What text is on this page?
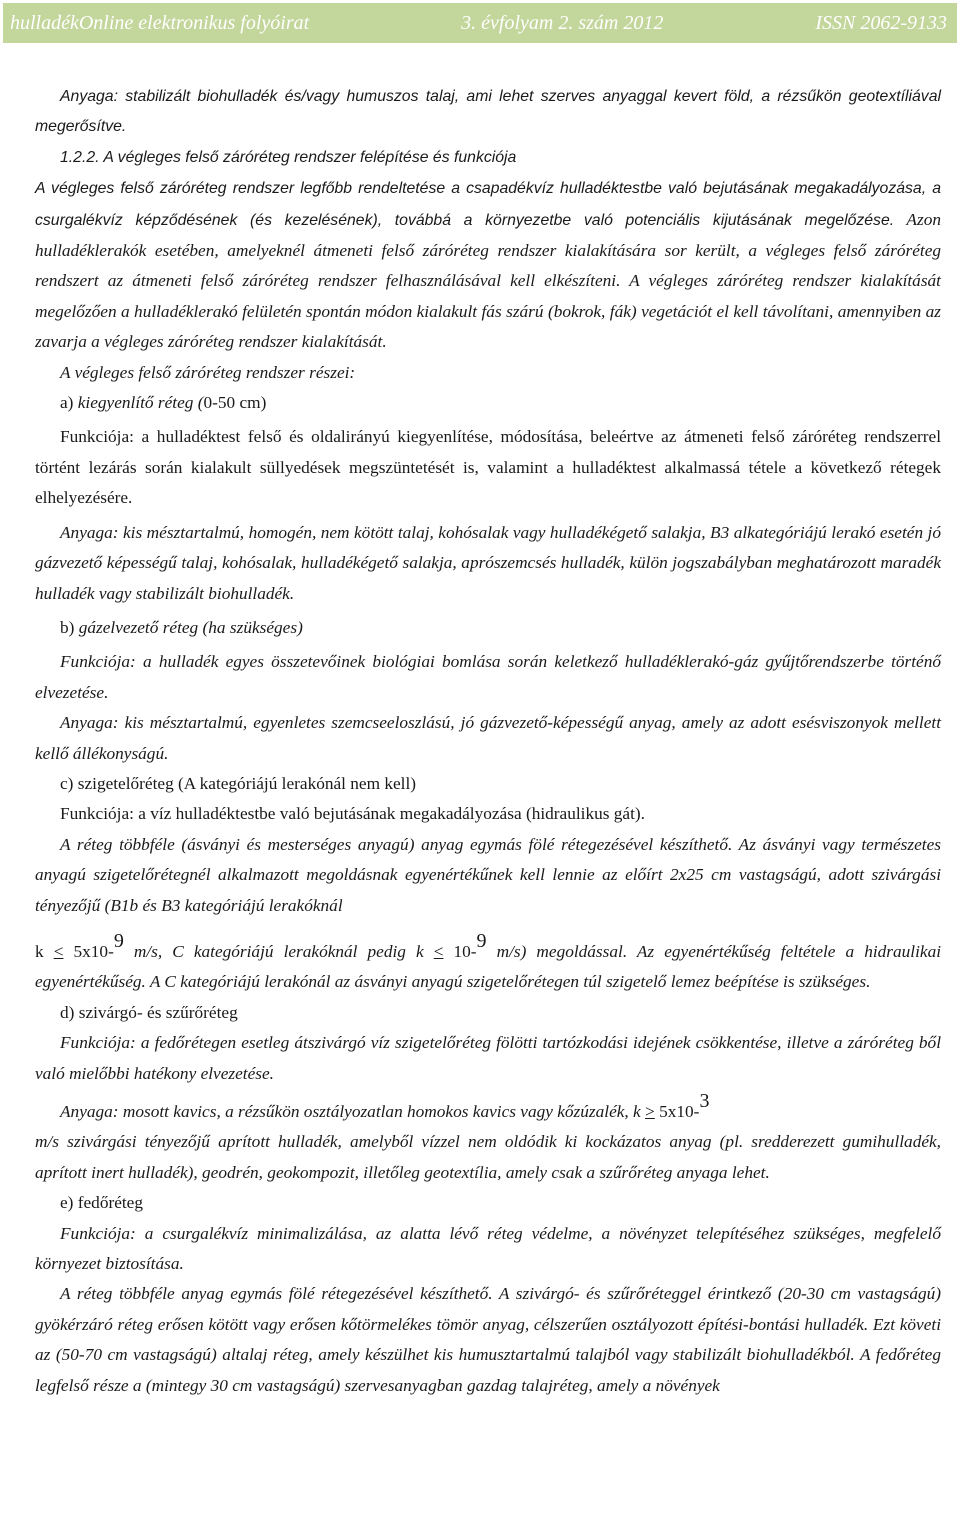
hulladékOnline elektronikus folyóirat	3. évfolyam 2. szám 2012	ISSN 2062-9133

Anyaga: stabilizált biohulladék és/vagy humuszos talaj, ami lehet szerves anyaggal kevert föld, a rézsűkön geotextíliával megerősítve.

1.2.2. A végleges felső záróréteg rendszer felépítése és funkciója

A végleges felső záróréteg rendszer legfőbb rendeltetése a csapadékvíz hulladéktestbe való bejutásának megakadályozása, a csurgalékvíz képződésének (és kezelésének), továbbá a környezetbe való potenciális kijutásának megelőzése. Azon hulladéklerakók esetében, amelyeknél átmeneti felső záróréteg rendszer kialakítására sor került, a végleges felső záróréteg rendszert az átmeneti felső záróréteg rendszer felhasználásával kell elkészíteni. A végleges záróréteg rendszer kialakítását megelőzően a hulladéklerakó felületén spontán módon kialakult fás szárú (bokrok, fák) vegetációt el kell távolítani, amennyiben az zavarja a végleges záróréteg rendszer kialakítását.

A végleges felső záróréteg rendszer részei:

a) kiegyenlítő réteg (0-50 cm)

Funkciója: a hulladéktest felső és oldalirányú kiegyenlítése, módosítása, beleértve az átmeneti felső záróréteg rendszerrel történt lezárás során kialakult süllyedések megszüntetését is, valamint a hulladéktest alkalmassá tétele a következő rétegek elhelyezésére.

Anyaga: kis mésztartalmú, homogén, nem kötött talaj, kohósalak vagy hulladékégető salakja, B3 alkategóriájú lerakó esetén jó gázvezető képességű talaj, kohósalak, hulladékégető salakja, aprószemcsés hulladék, külön jogszabályban meghatározott maradék hulladék vagy stabilizált biohulladék.

b) gázelvezető réteg (ha szükséges)

Funkciója: a hulladék egyes összetevőinek biológiai bomlása során keletkező hulladéklerakó-gáz gyűjtőrendszerbe történő elvezetése.

Anyaga: kis mésztartalmú, egyenletes szemcseeloszlású, jó gázvezető-képességű anyag, amely az adott esésviszonyok mellett kellő állékonyságú.

c) szigetelőréteg (A kategóriájú lerakónál nem kell)

Funkciója: a víz hulladéktestbe való bejutásának megakadályozása (hidraulikus gát).

A réteg többféle (ásványi és mesterséges anyagú) anyag egymás fölé rétegezésével készíthető. Az ásványi vagy természetes anyagú szigetelőrétegnél alkalmazott megoldásnak egyenértékűnek kell lennie az előírt 2x25 cm vastagságú, adott szivárgási tényezőjű (B1b és B3 kategóriájú lerakóknál
k < 5x10-9 m/s, C kategóriájú lerakóknál pedig k < 10-9 m/s) megoldással. Az egyenértékűség feltétele a hidraulikai egyenértékűség. A C kategóriájú lerakónál az ásványi anyagú szigetelőrétegen túl szigetelő lemez beépítése is szükséges.

d) szivárgó- és szűrőréteg

Funkciója: a fedőrétegen esetleg átszivárgó víz szigetelőréteg fölötti tartózkodási idejének csökkentése, illetve a záróréteg ből való mielőbbi hatékony elvezetése.

Anyaga: mosott kavics, a rézsűkön osztályozatlan homokos kavics vagy kőzúzalék, k > 5x10-3
m/s szivárgási tényezőjű aprított hulladék, amelyből vízzel nem oldódik ki kockázatos anyag (pl. sredderezett gumihulladék, aprított inert hulladék), geodrén, geokompozit, illetőleg geotextília, amely csak a szűrőréteg anyaga lehet.

e) fedőréteg

Funkciója: a csurgalékvíz minimalizálása, az alatta lévő réteg védelme, a növényzet telepítéséhez szükséges, megfelelő környezet biztosítása.

A réteg többféle anyag egymás fölé rétegezésével készíthető. A szivárgó- és szűrőréteggel érintkező (20-30 cm vastagságú) gyökérzáró réteg erősen kötött vagy erősen kőtörmelékes tömör anyag, célszerűen osztályozott építési-bontási hulladék. Ezt követi az (50-70 cm vastagságú) altalaj réteg, amely készülhet kis humusztartalmú talajból vagy stabilizált biohulladékból. A fedőréteg legfelső része a (mintegy 30 cm vastagságú) szervesanyagban gazdag talajréteg, amely a növények
